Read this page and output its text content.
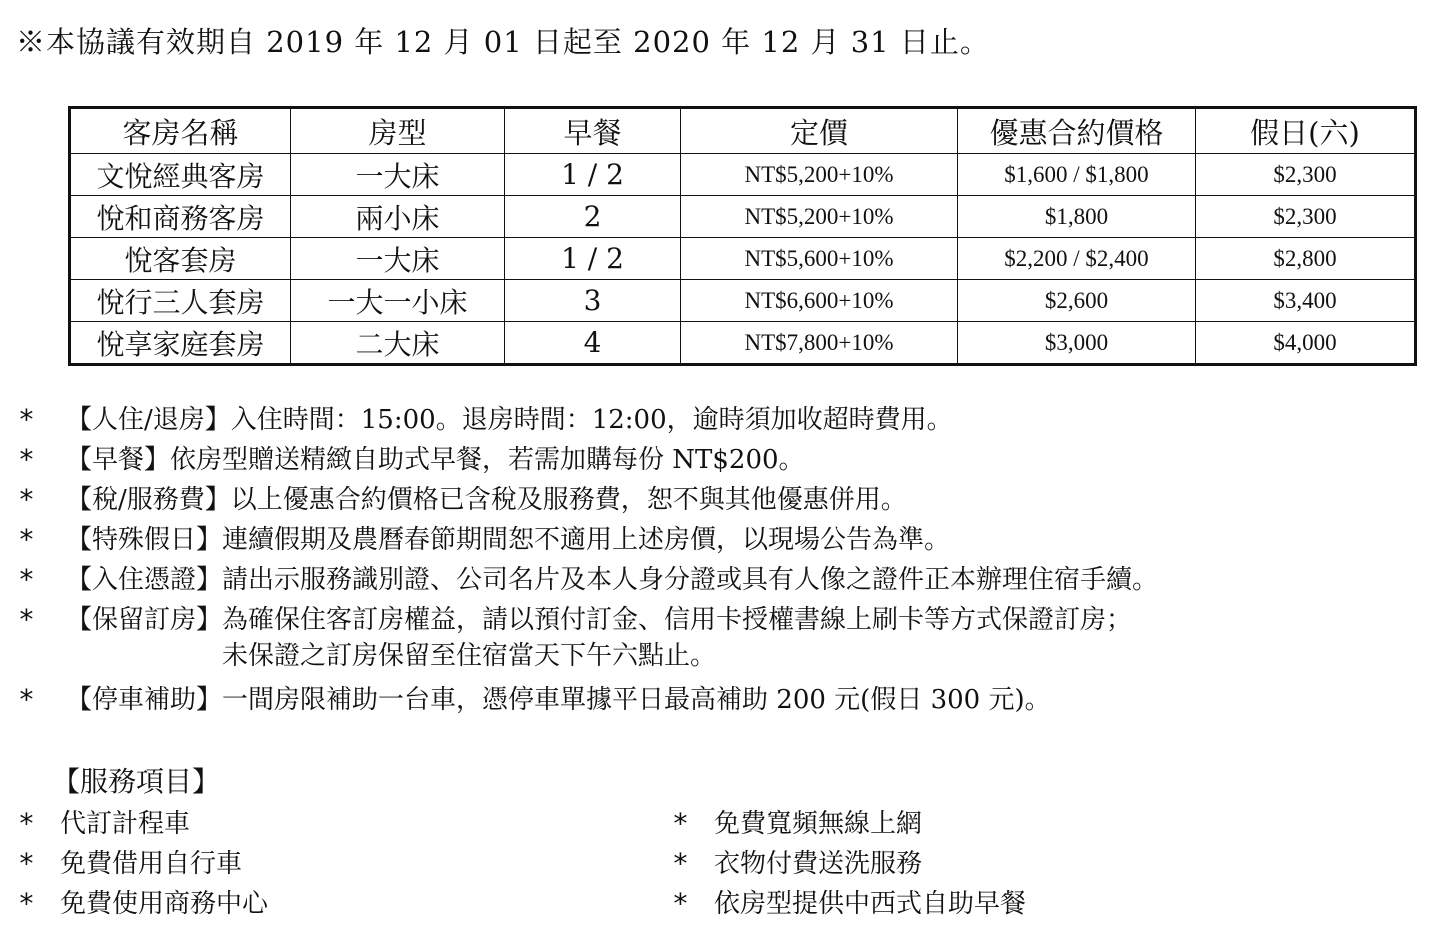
※本協議有效期自 2019 年 12 月 01 日起至 2020 年 12 月 31 日止。
客房名稱	房型	早餐	定價	優惠合約價格	假日(六)
文悅經典客房	一大床	1 / 2	NT$5,200+10%	$1,600 / $1,800	$2,300
悅和商務客房	兩小床	2	NT$5,200+10%	$1,800	$2,300
悅客套房	一大床	1 / 2	NT$5,600+10%	$2,200 / $2,400	$2,800
悅行三人套房	一大一小床	3	NT$6,600+10%	$2,600	$3,400
悅享家庭套房	二大床	4	NT$7,800+10%	$3,000	$4,000
*	【人住/退房】 入住時間：15:00。退房時間：12:00，逾時須加收超時費用。
*	【早餐】 依房型贈送精緻自助式早餐，若需加購每份 NT$200。
*	【稅/服務費】 以上優惠合約價格已含稅及服務費，恕不與其他優惠併用。
*	【特殊假日】 連續假期及農曆春節期間恕不適用上述房價，以現場公告為準。
*	【入住憑證】 請出示服務識別證、公司名片及本人身分證或具有人像之證件正本辦理住宿手續。
*	【保留訂房】 為確保住客訂房權益，請以預付訂金、信用卡授權書線上刷卡等方式保證訂房；
未保證之訂房保留至住宿當天下午六點止。
*	【停車補助】 一間房限補助一台車，憑停車單據平日最高補助 200 元(假日 300 元)。
【服務項目】
* 代訂計程車
* 免費借用自行車
* 免費使用商務中心
* 免費寬頻無線上網
* 衣物付費送洗服務
* 依房型提供中西式自助早餐
